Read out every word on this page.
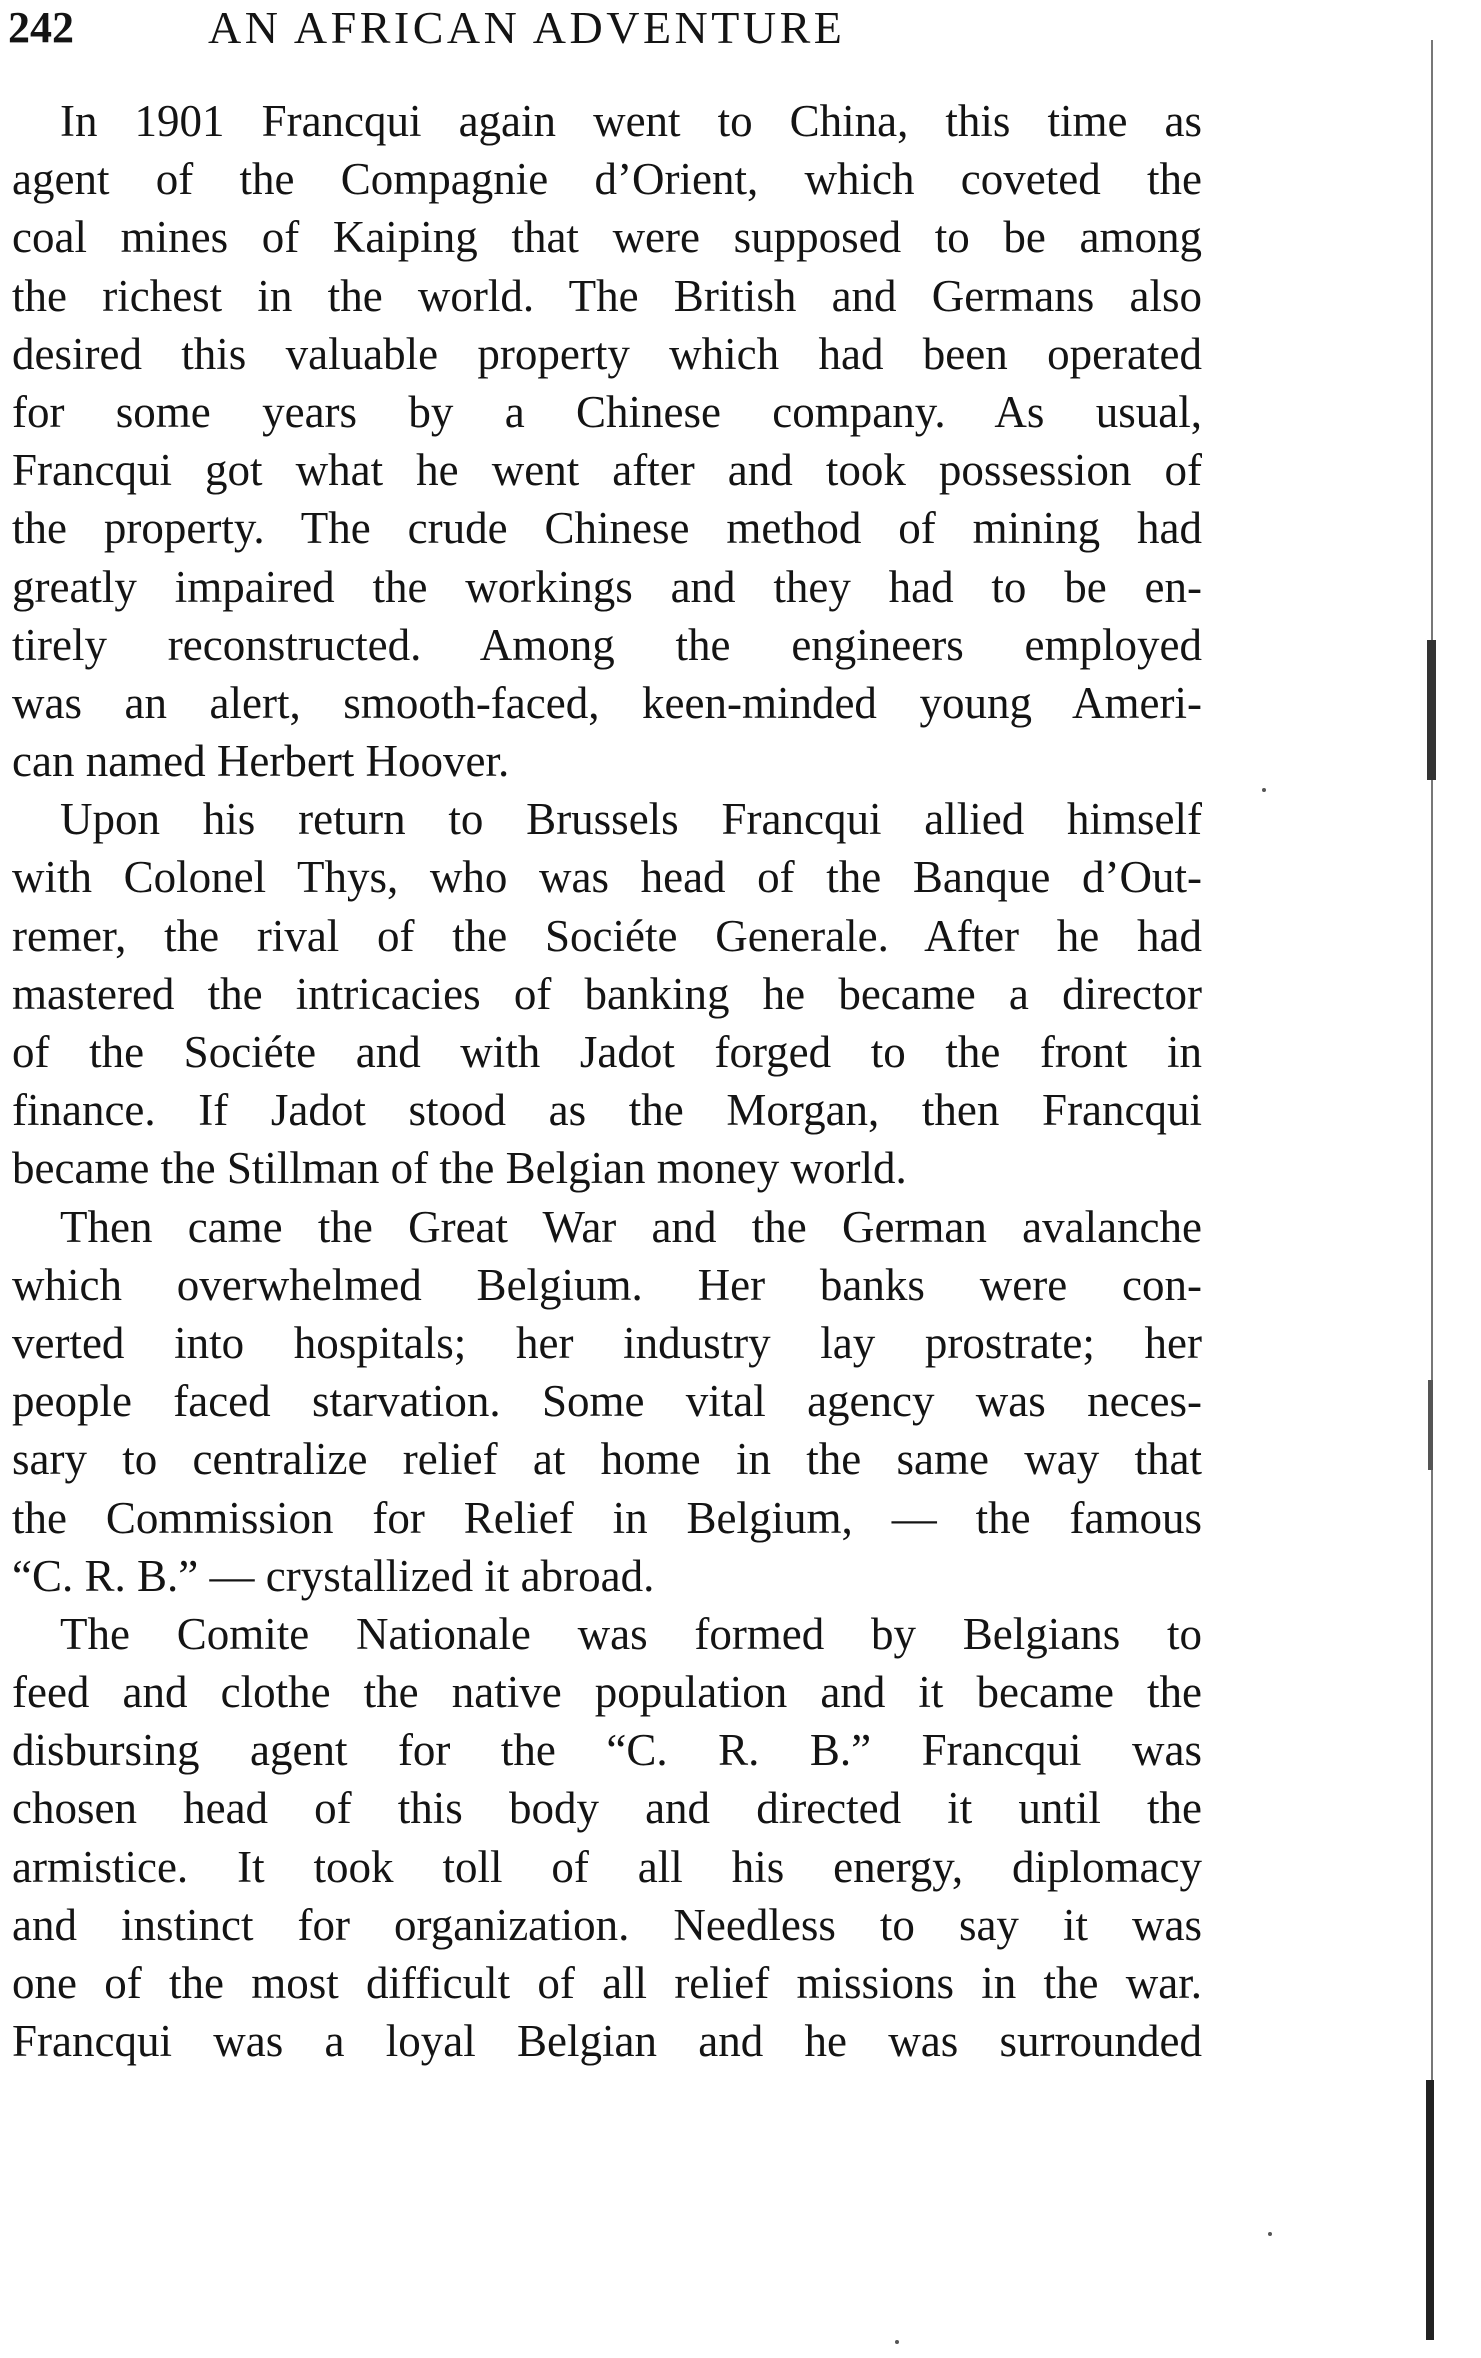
242	AN AFRICAN ADVENTURE
In 1901 Francqui again went to China, this time as
agent of the Compagnie d’Orient, which coveted the
coal mines of Kaiping that were supposed to be among
the richest in the world. The British and Germans also
desired this valuable property which had been operated
for some years by a Chinese company. As usual,
Francqui got what he went after and took possession of
the property. The crude Chinese method of mining had
greatly impaired the workings and they had to be en-
tirely reconstructed. Among the engineers employed
was an alert, smooth-faced, keen-minded young Ameri-
can named Herbert Hoover.
Upon his return to Brussels Francqui allied himself
with Colonel Thys, who was head of the Banque d’Out-
remer, the rival of the Sociéte Generale. After he had
mastered the intricacies of banking he became a director
of the Sociéte and with Jadot forged to the front in
finance. If Jadot stood as the Morgan, then Francqui
became the Stillman of the Belgian money world.
Then came the Great War and the German avalanche
which overwhelmed Belgium. Her banks were con-
verted into hospitals; her industry lay prostrate; her
people faced starvation. Some vital agency was neces-
sary to centralize relief at home in the same way that
the Commission for Relief in Belgium, — the famous
“C. R. B.” — crystallized it abroad.
The Comite Nationale was formed by Belgians to
feed and clothe the native population and it became the
disbursing agent for the “C. R. B.” Francqui was
chosen head of this body and directed it until the
armistice. It took toll of all his energy, diplomacy
and instinct for organization. Needless to say it was
one of the most difficult of all relief missions in the war.
Francqui was a loyal Belgian and he was surrounded
